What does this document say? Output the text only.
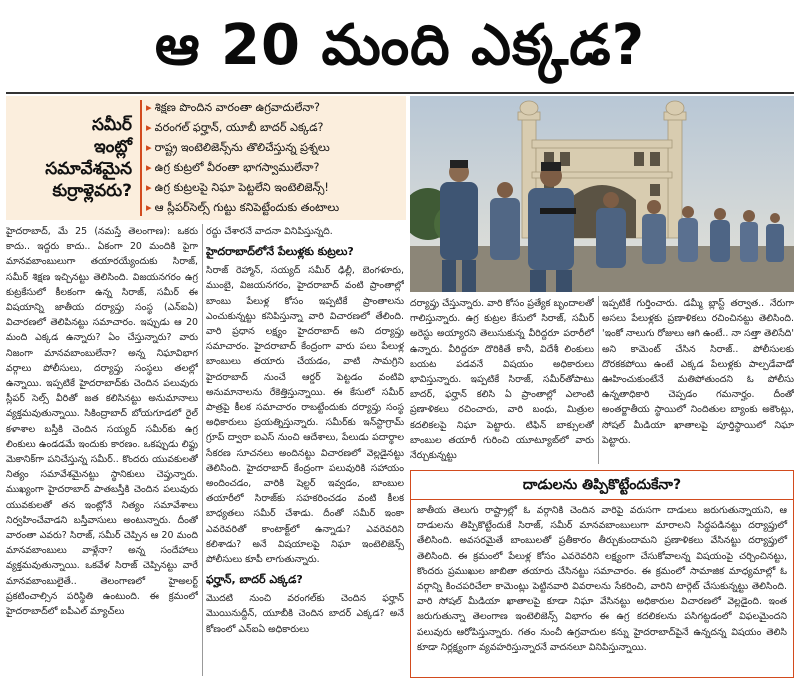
ఆ 20 మంది ఎక్కడ?
సమీర్
ఇంట్లో
సమావేశమైన
కుర్రాళ్లెవరు?
▸ శిక్షణ పొందిన వారంతా ఉగ్రవాదులేనా?
▸ వరంగల్ ఫర్హాన్, యూబీ బాదర్ ఎక్కడ?
▸ రాష్ట్ర ఇంటెలిజెన్స్‌ను తొలిచేస్తున్న ప్రశ్నలు
▸ ఉగ్ర కుట్రలో వీరంతా భాగస్వాములేనా?
▸ ఉగ్ర కుట్రలపై నిఘా పెట్టలేని ఇంటెలిజెన్స్!
▸ ఆ స్లీపర్‌సెల్స్ గుట్టు కనిపెట్టేందుకు తంటాలు

హైదరాబాద్, మే 25 (నమస్తే తెలంగాణ): ఒకరు కాదు.. ఇద్దరు కాదు.. ఏకంగా 20 మందికి పైగా మానవబాంబులుగా తయారయ్యేందుకు సిరాజ్, సమీర్ శిక్షణ ఇచ్చినట్టు తెలిసింది. విజయనగరం ఉగ్ర కుట్రకేసులో కీలకంగా ఉన్న సిరాజ్, సమీర్ ఈ విషయాన్ని జాతీయ దర్యాప్తు సంస్థ (ఎన్ఐఏ) విచారణలో తెలిపినట్టు సమాచారం. ఇప్పుడు ఆ 20 మంది ఎక్కడ ఉన్నారు? ఏం చేస్తున్నారు? వారు నిజంగా మానవబాంబులేనా? అన్న నిఘావిభాగ వర్గాలు పోలీసులు, దర్యాప్తు సంస్థలు తలల్లో ఉన్నాయి. ఇప్పటికే హైదరాబాద్‌కు చెందిన పలువురు స్లీపర్ సెల్స్ వీరితో జత కలిసినట్టు అనుమానాలు వ్యక్తమవుతున్నాయి. సికింద్రాబాద్ బోయగూడలో రైల్ కళాశాల బస్తీకి చెందిన సయ్యద్ సమీర్‌కు ఉగ్ర లింకులు ఉండడమే ఇందుకు కారణం. ఒకప్పుడు లిఫ్టు మెకానిక్‌గా పనిచేస్తున్న సమీర్.. కొందరు యువకులతో నిత్యం సమావేశమైనట్టు స్థానికులు చెప్తున్నారు. ముఖ్యంగా హైదరాబాద్ పాతబస్తీకి చెందిన పలువురు యువకులతో తన ఇంట్లోనే నిత్యం సమావేశాలు నిర్వహించేవాడని బస్తీవాసులు అంటున్నారు. దీంతో వారంతా ఎవరు? సిరాజ్, సమీర్ చెప్పిన ఆ 20 మంది మానవబాంబులు వాళ్లేనా? అన్న సందేహాలు వ్యక్తమవుతున్నాయి. ఒకవేళ సిరాజ్ చెప్పినట్టు వారే మానవబాంబులైతే.. తెలంగాణలో హైఅలర్ట్ ప్రకటించాల్సిన పరిస్థితి ఉంటుంది. ఈ క్రమంలో హైదరాబాద్‌లో ఐపీఎల్ మ్యాచ్‌లు

రద్దు చేశారనే వాదనా వినిపిస్తున్నది.

హైదరాబాద్‌లోనే పేలుళ్లకు కుట్రలు?

సిరాజ్ రెహ్మాన్, సయ్యద్ సమీర్ ఢిల్లీ, బెంగళూరు, ముంబై, విజయనగరం, హైదరాబాద్ వంటి ప్రాంతాల్లో బాంబు పేలుళ్ల కోసం ఇప్పటికే ప్రాంతాలను ఎంచుకున్నట్టు కనిపిస్తున్నా వారి విచారణలో తేలింది. వారి ప్రధాన లక్ష్యం హైదరాబాద్ అని దర్యాప్తు సమాచారం. హైదరాబాద్ కేంద్రంగా వారు పలు పేలుళ్ల బాంబులు తయారు చేయడం, వాటి సామగ్రిని హైదరాబాద్ నుంచే ఆర్డర్ పెట్టడం వంటివి అనుమానాలను రేకెత్తిస్తున్నాయి. ఈ కేసులో సమీర్ పాత్రపై కీలక సమాచారం రాబట్టేందుకు దర్యాప్తు సంస్థ అధికారులు ప్రయత్నిస్తున్నారు. సమీర్‌కు ఇన్‌స్టాగ్రామ్ గ్రూప్ ద్వారా ఐఎస్ నుంచి ఆదేశాలు, పేలుడు పదార్థాల సేకరణ సూచనలు అందినట్టు విచారణలో వెల్లడైనట్టు తెలిసింది. హైదరాబాద్ కేంద్రంగా పలువురికి సహాయం అందించడం, వారికి షెల్టర్ ఇవ్వడం, బాంబుల తయారీలో సిరాజ్‌కు సహకరించడం వంటి కీలక బాధ్యతలు సమీర్ చేశాడు. దీంతో సమీర్ ఇంకా ఎవరెవరితో కాంటాక్ట్‌లో ఉన్నాడు? ఎవరెవరిని కలిశాడు? అనే విషయాలపై నిఘా ఇంటెలిజెన్స్ పోలీసులు కూపీ లాగుతున్నారు.

ఫర్హాన్, బాదర్ ఎక్కడ?

మొదటి నుంచి వరంగల్‌కు చెందిన ఫర్హాన్ మొయినుద్దీన్, యూబీకి చెందిన బాదర్ ఎక్కడ? అనే కోణంలో ఎన్ఐఏ అధికారులు

దర్యాప్తు చేస్తున్నారు. వారి కోసం ప్రత్యేక బృందాలతో గాలిస్తున్నారు. ఉగ్ర కుట్రల కేసులో సిరాజ్, సమీర్ అరెస్టు అయ్యారని తెలుసుకున్న వీరిద్దరూ పరారీలో ఉన్నారు. వీరిద్దరూ దొరికితే కానీ, విదేశీ లింకులు బయట పడవనే విషయం అధికారులు భావిస్తున్నారు. ఇప్పటికే సిరాజ్, సమీర్‌తోపాటు బాదర్, ఫర్హాన్ కలిసి ఏ ప్రాంతాల్లో ఎలాంటి ప్రణాళికలు రచించారు, వారి బంధు, మిత్రుల కదలికలపై నిఘా పెట్టారు. టిఫిన్ బాక్సులతో బాంబుల తయారీ గురించి యూట్యూబ్‌లో వారు నేర్చుకున్నట్టు

ఇప్పటికే గుర్తించారు. డమ్మీ బ్లాస్ట్ తర్వాత.. నేరుగా అసలు పేలుళ్లకు ప్రణాళికలు రచించినట్టు తెలిసింది. 'ఇంకో నాలుగు రోజులు ఆగి ఉంటే.. నా సత్తా తెలిసేది' అని కామెంట్ చేసిన సిరాజ్.. పోలీసులకు దొరకకపోయి ఉంటే ఎక్కడ పేలుళ్లకు పాల్పడేవాడో ఊహించుకుంటేనే మతిపోతుందని ఓ పోలీసు ఉన్నతాధికారి చెప్పడం గమనార్హం. దీంతో అంతర్జాతీయ స్థాయిలో నిందితుల బ్యాంకు అకౌంట్లు, సోషల్ మీడియా ఖాతాలపై పూర్తిస్థాయిలో నిఘా పెట్టారు.

దాడులను తిప్పికొట్టేందుకేనా?

జాతీయ తెలుగు రాష్ట్రాల్లో ఓ వర్గానికి చెందిన వారిపై వరుసగా దాడులు జరుగుతున్నాయని, ఆ దాడులను తిప్పికొట్టేందుకే సిరాజ్, సమీర్ మానవబాంబులుగా మారాలని సిద్ధపడినట్టు దర్యాప్తులో తేలిసింది. అవసరమైతే బాంబులతో ప్రతీకారం తీర్చుకుందామని ప్రణాళికలు వేసినట్టు దర్యాప్తులో తెలిసింది. ఈ క్రమంలో పేలుళ్ల కోసం ఎవరెవరిని లక్ష్యంగా చేసుకోవాలన్న విషయంపై చర్చించినట్టు, కొందరు ప్రముఖుల జాబితా తయారు చేసినట్టు సమాచారం. ఈ క్రమంలో సామాజిక మాధ్యమాల్లో ఓ వర్గాన్ని కించపరిచేలా కామెంట్లు పెట్టినవారి వివరాలను సేకరించి, వారిని టార్గెట్ చేసుకున్నట్టు తెలిసింది. వారి సోషల్ మీడియా ఖాతాలపై కూడా నిఘా వేసినట్టు అధికారుల విచారణలో వెల్లడైంది. ఇంత జరుగుతున్నా తెలంగాణ ఇంటెలిజెన్స్ విభాగం ఈ ఉగ్ర కదలికలను పసిగట్టడంలో విఫలమైందని పలువురు ఆరోపిస్తున్నారు. గతం నుంచీ ఉగ్రవాదుల కన్ను హైదరాబాద్‌పైనే ఉన్నదన్న విషయం తెలిసి కూడా నిర్లక్ష్యంగా వ్యవహరిస్తున్నారనే వాదనలూ వినిపిస్తున్నాయి.
